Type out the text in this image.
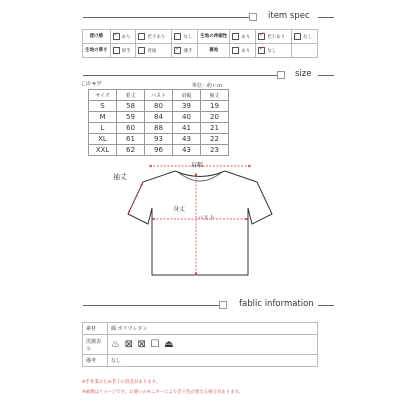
item spec
透け感	✓あり	若干あり	なし	生地の伸縮性	あり	✓若干あり	なし
生地の厚さ	厚手	普通	✓薄手	裏地	あり	✓なし	
size
□シャツ	単位：約ｃｍ
サイズ	着丈	バスト	肩幅	袖丈
S	58	80	39	19
M	59	84	40	20
L	60	88	41	21
XL	61	93	43	22
XXL	62	96	43	23
肩幅
袖丈
身丈
バスト
fablic information
素材	綿 ポリウレタン
洗濯表示	♨ ⊠ ⊠ ☐ ⏏
備考	なし
※手作業のため若干の誤差があります。
※画像はイメージです。お使いのモニターにより若干色が異なる場合があります。
